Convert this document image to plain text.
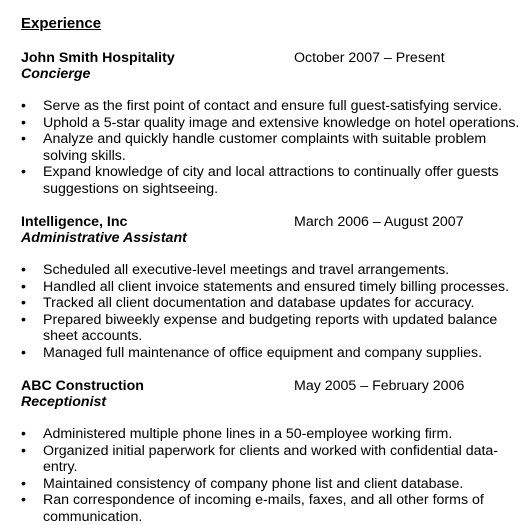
Experience
John Smith Hospitality	October 2007 – Present
Concierge
• Serve as the first point of contact and ensure full guest-satisfying service.
• Uphold a 5-star quality image and extensive knowledge on hotel operations.
• Analyze and quickly handle customer complaints with suitable problem solving skills.
• Expand knowledge of city and local attractions to continually offer guests suggestions on sightseeing.
Intelligence, Inc	March 2006 – August 2007
Administrative Assistant
• Scheduled all executive-level meetings and travel arrangements.
• Handled all client invoice statements and ensured timely billing processes.
• Tracked all client documentation and database updates for accuracy.
• Prepared biweekly expense and budgeting reports with updated balance sheet accounts.
• Managed full maintenance of office equipment and company supplies.
ABC Construction	May 2005 – February 2006
Receptionist
• Administered multiple phone lines in a 50-employee working firm.
• Organized initial paperwork for clients and worked with confidential data-entry.
• Maintained consistency of company phone list and client database.
• Ran correspondence of incoming e-mails, faxes, and all other forms of communication.
